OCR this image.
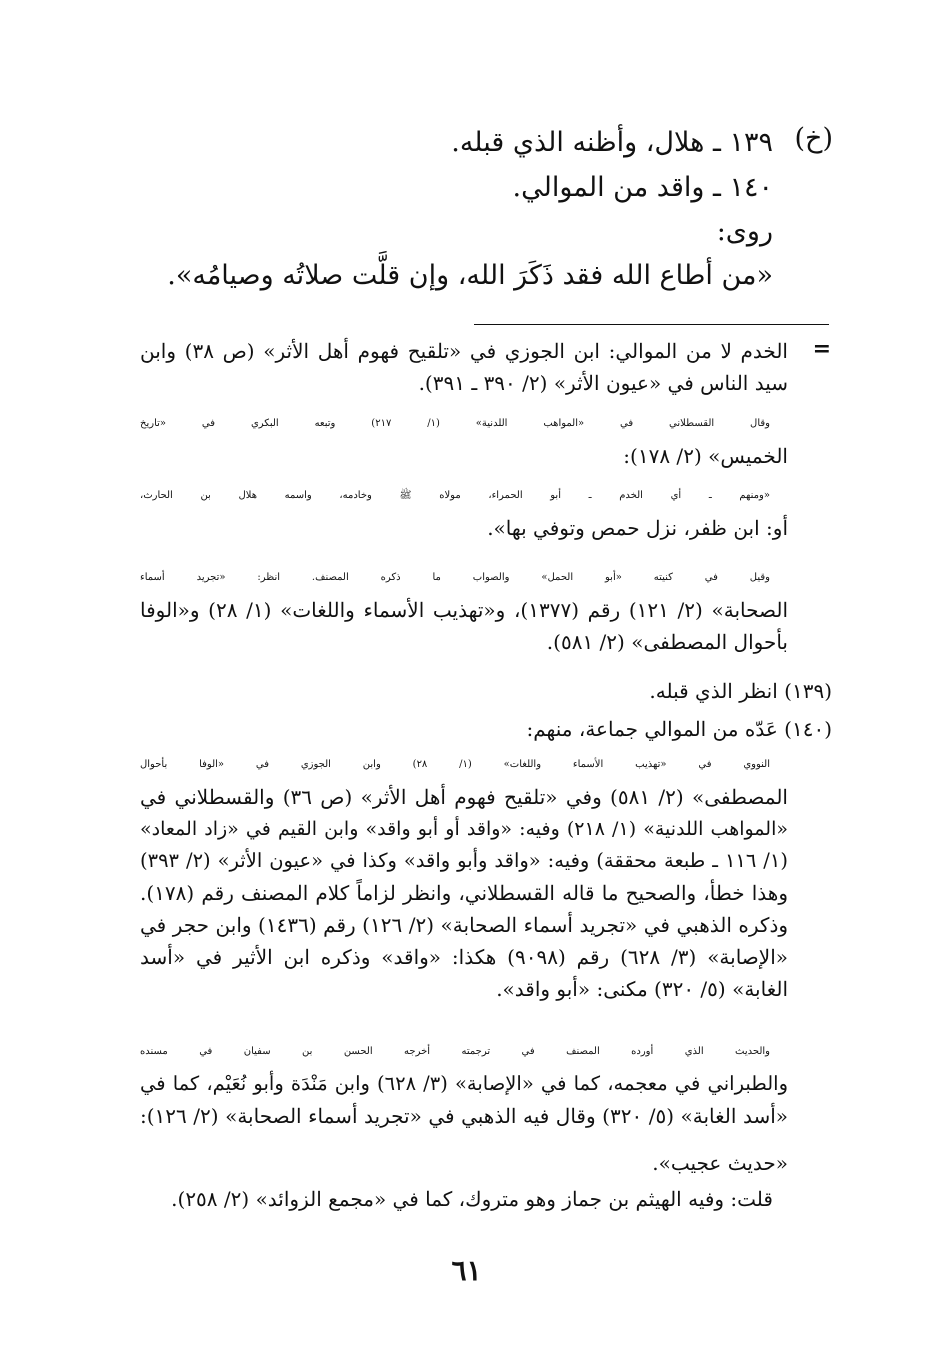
(خ)
١٣٩ ـ هلال، وأظنه الذي قبله.
١٤٠ ـ واقد من الموالي.
روى:
«من أطاع الله فقد ذَكَرَ الله، وإن قلَّت صلاتُه وصيامُه».
=
الخدم لا من الموالي: ابن الجوزي في «تلقيح فهوم أهل الأثر» (ص ٣٨) وابن
سيد الناس في «عيون الأثر» (٢/ ٣٩٠ ـ ٣٩١).
وقال القسطلاني في «المواهب اللدنية» (١/ ٢١٧) وتبعه البكري في «تاريخ
الخميس» (٢/ ١٧٨):
«ومنهم ـ أي الخدم ـ أبو الحمراء، مولاه ﷺ وخادمه، واسمه هلال بن الحارث،
أو: ابن ظفر، نزل حمص وتوفي بها».
وقيل في كنيته «أبو الحمل» والصواب ما ذكره المصنف. انظر: «تجريد أسماء
الصحابة» (٢/ ١٢١) رقم (١٣٧٧)، و«تهذيب الأسماء واللغات» (١/ ٢٨) و«الوفا
بأحوال المصطفى» (٢/ ٥٨١).
(١٣٩) انظر الذي قبله.
(١٤٠) عَدّه من الموالي جماعة، منهم:
النووي في «تهذيب الأسماء واللغات» (١/ ٢٨) وابن الجوزي في «الوفا بأحوال
المصطفى» (٢/ ٥٨١) وفي «تلقيح فهوم أهل الأثر» (ص ٣٦) والقسطلاني في
«المواهب اللدنية» (١/ ٢١٨) وفيه: «واقد أو أبو واقد» وابن القيم في «زاد المعاد»
(١/ ١١٦ ـ طبعة محققة) وفيه: «واقد وأبو واقد» وكذا في «عيون الأثر» (٢/ ٣٩٣)
وهذا خطأ، والصحيح ما قاله القسطلاني، وانظر لزاماً كلام المصنف رقم (١٧٨).
وذكره الذهبي في «تجريد أسماء الصحابة» (٢/ ١٢٦) رقم (١٤٣٦) وابن حجر في
«الإصابة» (٣/ ٦٢٨) رقم (٩٠٩٨) هكذا: «واقد» وذكره ابن الأثير في «أسد
الغابة» (٥/ ٣٢٠) مكنى: «أبو واقد».
والحديث الذي أورده المصنف في ترجمته أخرجه الحسن بن سفيان في مسنده
والطبراني في معجمه، كما في «الإصابة» (٣/ ٦٢٨) وابن مَنْدَة وأبو نُعَيْم، كما في
«أسد الغابة» (٥/ ٣٢٠) وقال فيه الذهبي في «تجريد أسماء الصحابة» (٢/ ١٢٦):
«حديث عجيب».
قلت: وفيه الهيثم بن جماز وهو متروك، كما في «مجمع الزوائد» (٢/ ٢٥٨).
٦١
